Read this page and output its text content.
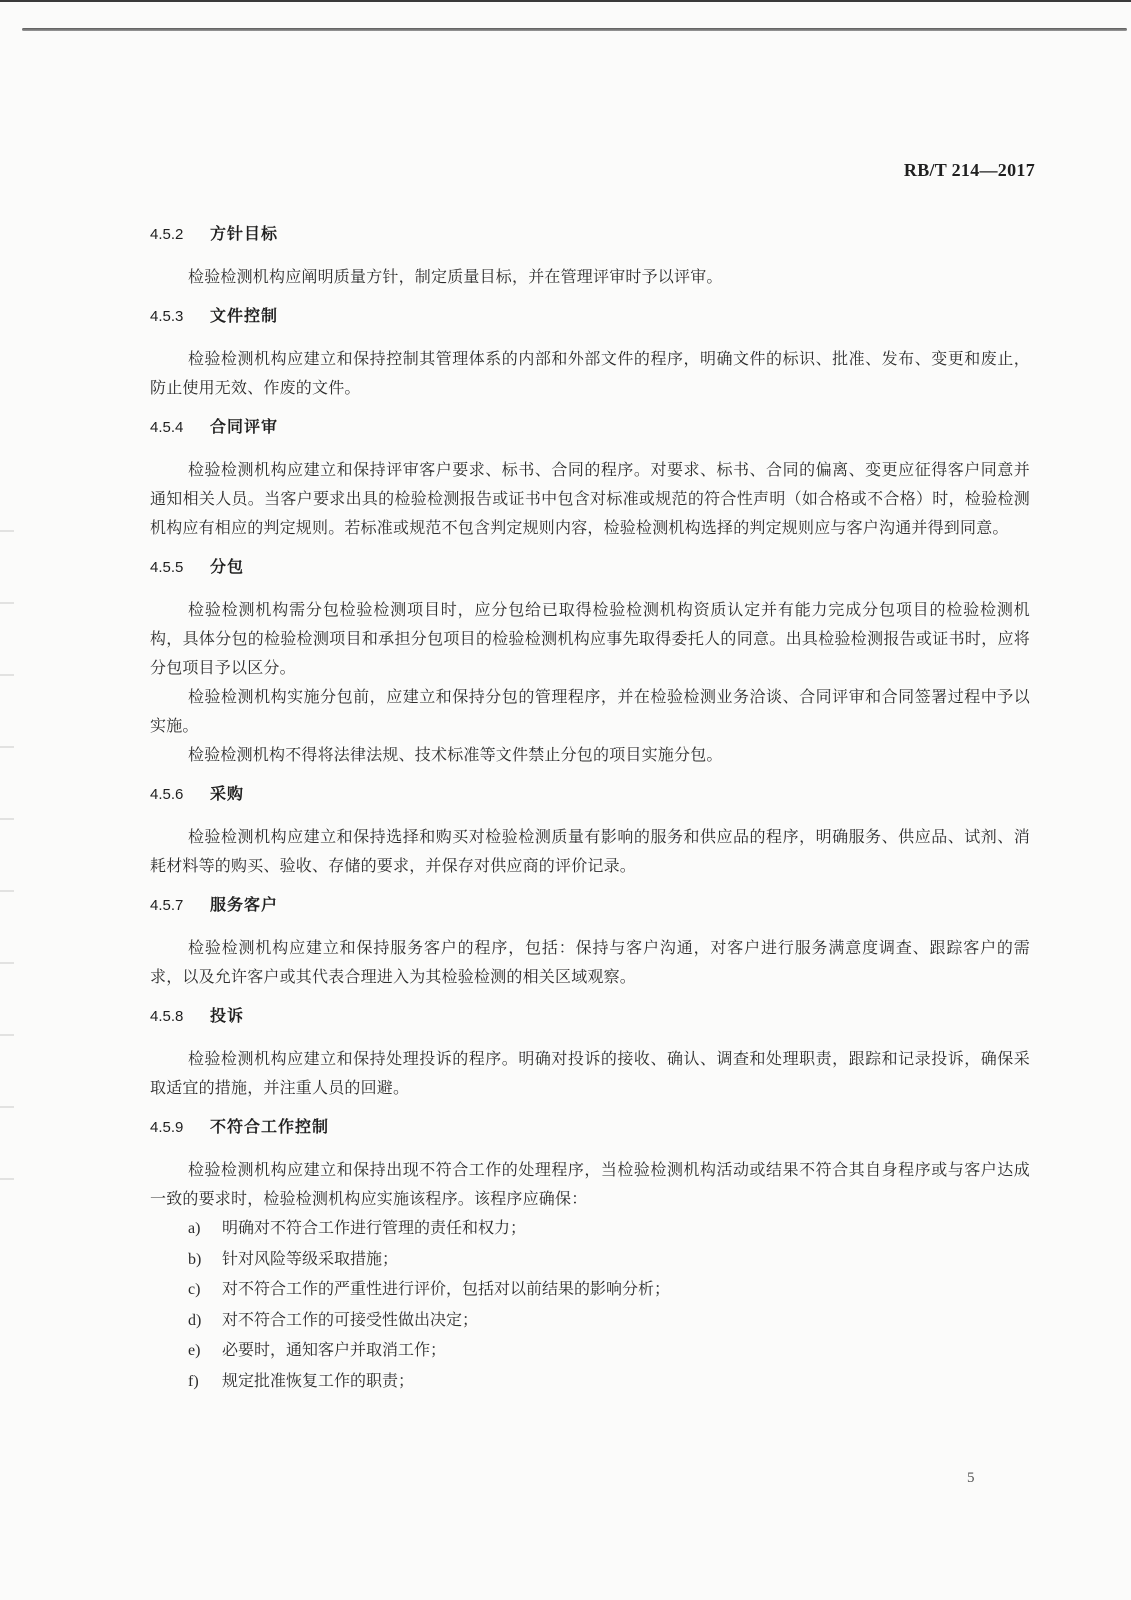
RB/T 214—2017
4.5.2 方针目标

检验检测机构应阐明质量方针，制定质量目标，并在管理评审时予以评审。

4.5.3 文件控制

检验检测机构应建立和保持控制其管理体系的内部和外部文件的程序，明确文件的标识、批准、发布、变更和废止，防止使用无效、作废的文件。

4.5.4 合同评审

检验检测机构应建立和保持评审客户要求、标书、合同的程序。对要求、标书、合同的偏离、变更应征得客户同意并通知相关人员。当客户要求出具的检验检测报告或证书中包含对标准或规范的符合性声明（如合格或不合格）时，检验检测机构应有相应的判定规则。若标准或规范不包含判定规则内容，检验检测机构选择的判定规则应与客户沟通并得到同意。

4.5.5 分包

检验检测机构需分包检验检测项目时，应分包给已取得检验检测机构资质认定并有能力完成分包项目的检验检测机构，具体分包的检验检测项目和承担分包项目的检验检测机构应事先取得委托人的同意。出具检验检测报告或证书时，应将分包项目予以区分。

检验检测机构实施分包前，应建立和保持分包的管理程序，并在检验检测业务洽谈、合同评审和合同签署过程中予以实施。

检验检测机构不得将法律法规、技术标准等文件禁止分包的项目实施分包。

4.5.6 采购

检验检测机构应建立和保持选择和购买对检验检测质量有影响的服务和供应品的程序，明确服务、供应品、试剂、消耗材料等的购买、验收、存储的要求，并保存对供应商的评价记录。

4.5.7 服务客户

检验检测机构应建立和保持服务客户的程序，包括：保持与客户沟通，对客户进行服务满意度调查、跟踪客户的需求，以及允许客户或其代表合理进入为其检验检测的相关区域观察。

4.5.8 投诉

检验检测机构应建立和保持处理投诉的程序。明确对投诉的接收、确认、调查和处理职责，跟踪和记录投诉，确保采取适宜的措施，并注重人员的回避。

4.5.9 不符合工作控制

检验检测机构应建立和保持出现不符合工作的处理程序，当检验检测机构活动或结果不符合其自身程序或与客户达成一致的要求时，检验检测机构应实施该程序。该程序应确保：

a) 明确对不符合工作进行管理的责任和权力；
b) 针对风险等级采取措施；
c) 对不符合工作的严重性进行评价，包括对以前结果的影响分析；
d) 对不符合工作的可接受性做出决定；
e) 必要时，通知客户并取消工作；
f) 规定批准恢复工作的职责；
5
